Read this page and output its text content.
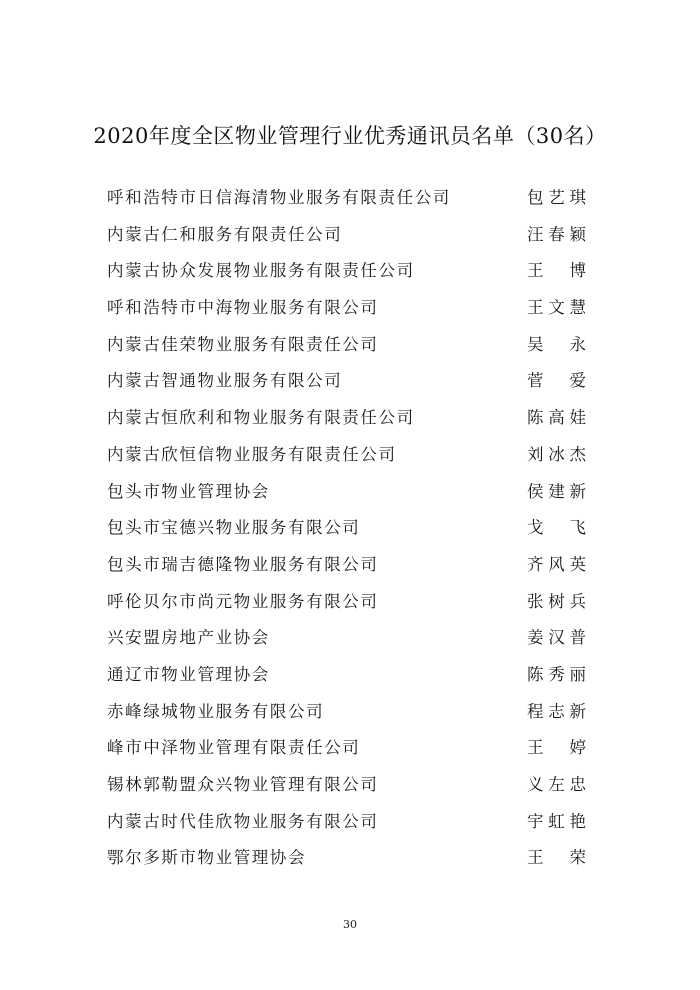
2020年度全区物业管理行业优秀通讯员名单（30名）
呼和浩特市日信海清物业服务有限责任公司	包艺琪
内蒙古仁和服务有限责任公司	汪春颖
内蒙古协众发展物业服务有限责任公司	王 博
呼和浩特市中海物业服务有限公司	王文慧
内蒙古佳荣物业服务有限责任公司	吴 永
内蒙古智通物业服务有限公司	菅 爱
内蒙古恒欣利和物业服务有限责任公司	陈高娃
内蒙古欣恒信物业服务有限责任公司	刘冰杰
包头市物业管理协会	侯建新
包头市宝德兴物业服务有限公司	戈 飞
包头市瑞吉德隆物业服务有限公司	齐风英
呼伦贝尔市尚元物业服务有限公司	张树兵
兴安盟房地产业协会	姜汉普
通辽市物业管理协会	陈秀丽
赤峰绿城物业服务有限公司	程志新
峰市中泽物业管理有限责任公司	王 婷
锡林郭勒盟众兴物业管理有限公司	义左忠
内蒙古时代佳欣物业服务有限公司	宇虹艳
鄂尔多斯市物业管理协会	王 荣
30
